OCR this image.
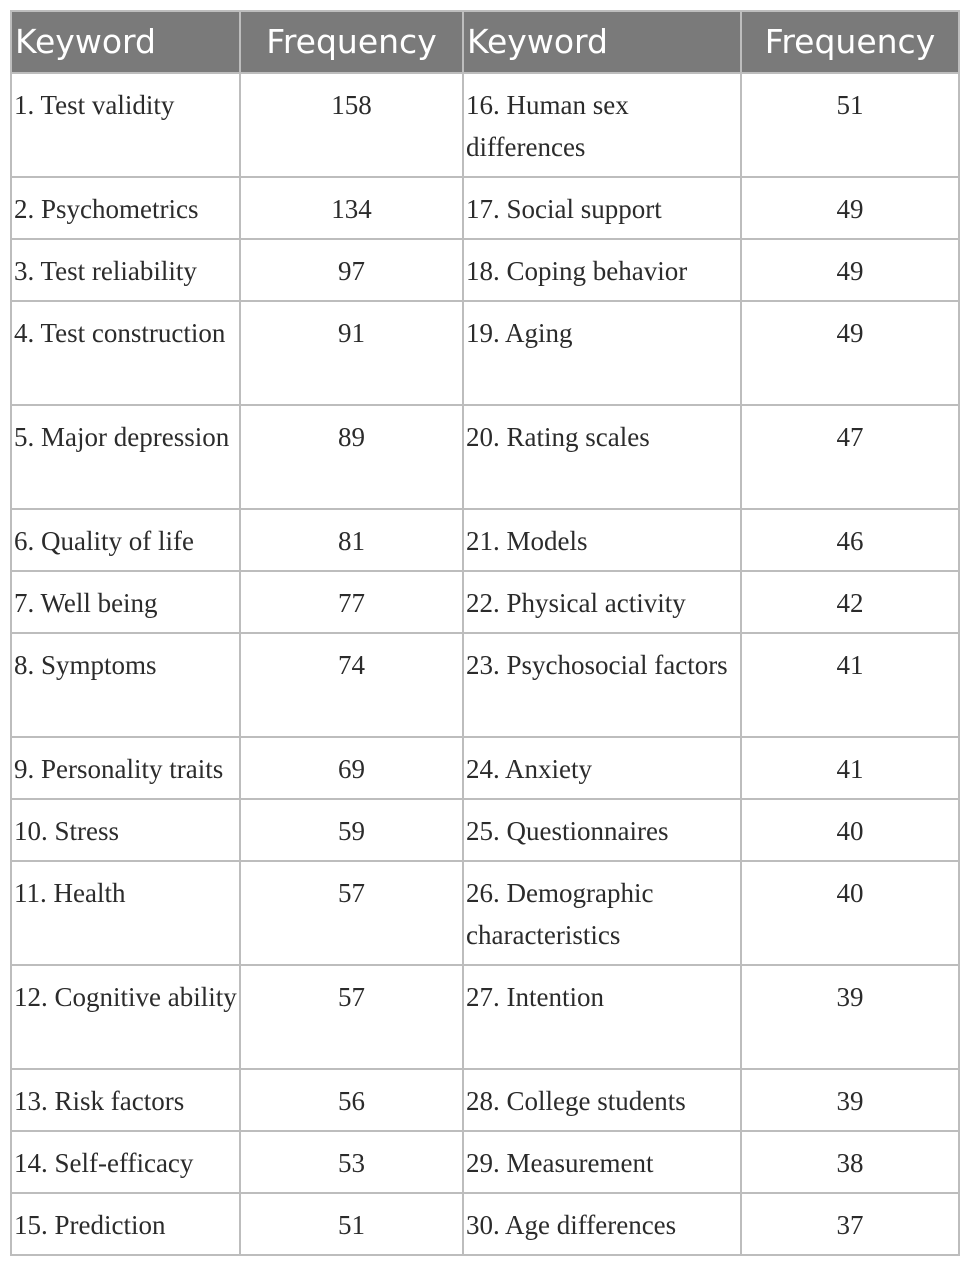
Keyword	Frequency	Keyword	Frequency
1. Test validity	158	16. Human sex differences	51
2. Psychometrics	134	17. Social support	49
3. Test reliability	97	18. Coping behavior	49
4. Test construction	91	19. Aging	49
5. Major depression	89	20. Rating scales	47
6. Quality of life	81	21. Models	46
7. Well being	77	22. Physical activity	42
8. Symptoms	74	23. Psychosocial factors	41
9. Personality traits	69	24. Anxiety	41
10. Stress	59	25. Questionnaires	40
11. Health	57	26. Demographic characteristics	40
12. Cognitive ability	57	27. Intention	39
13. Risk factors	56	28. College students	39
14. Self-efficacy	53	29. Measurement	38
15. Prediction	51	30. Age differences	37
